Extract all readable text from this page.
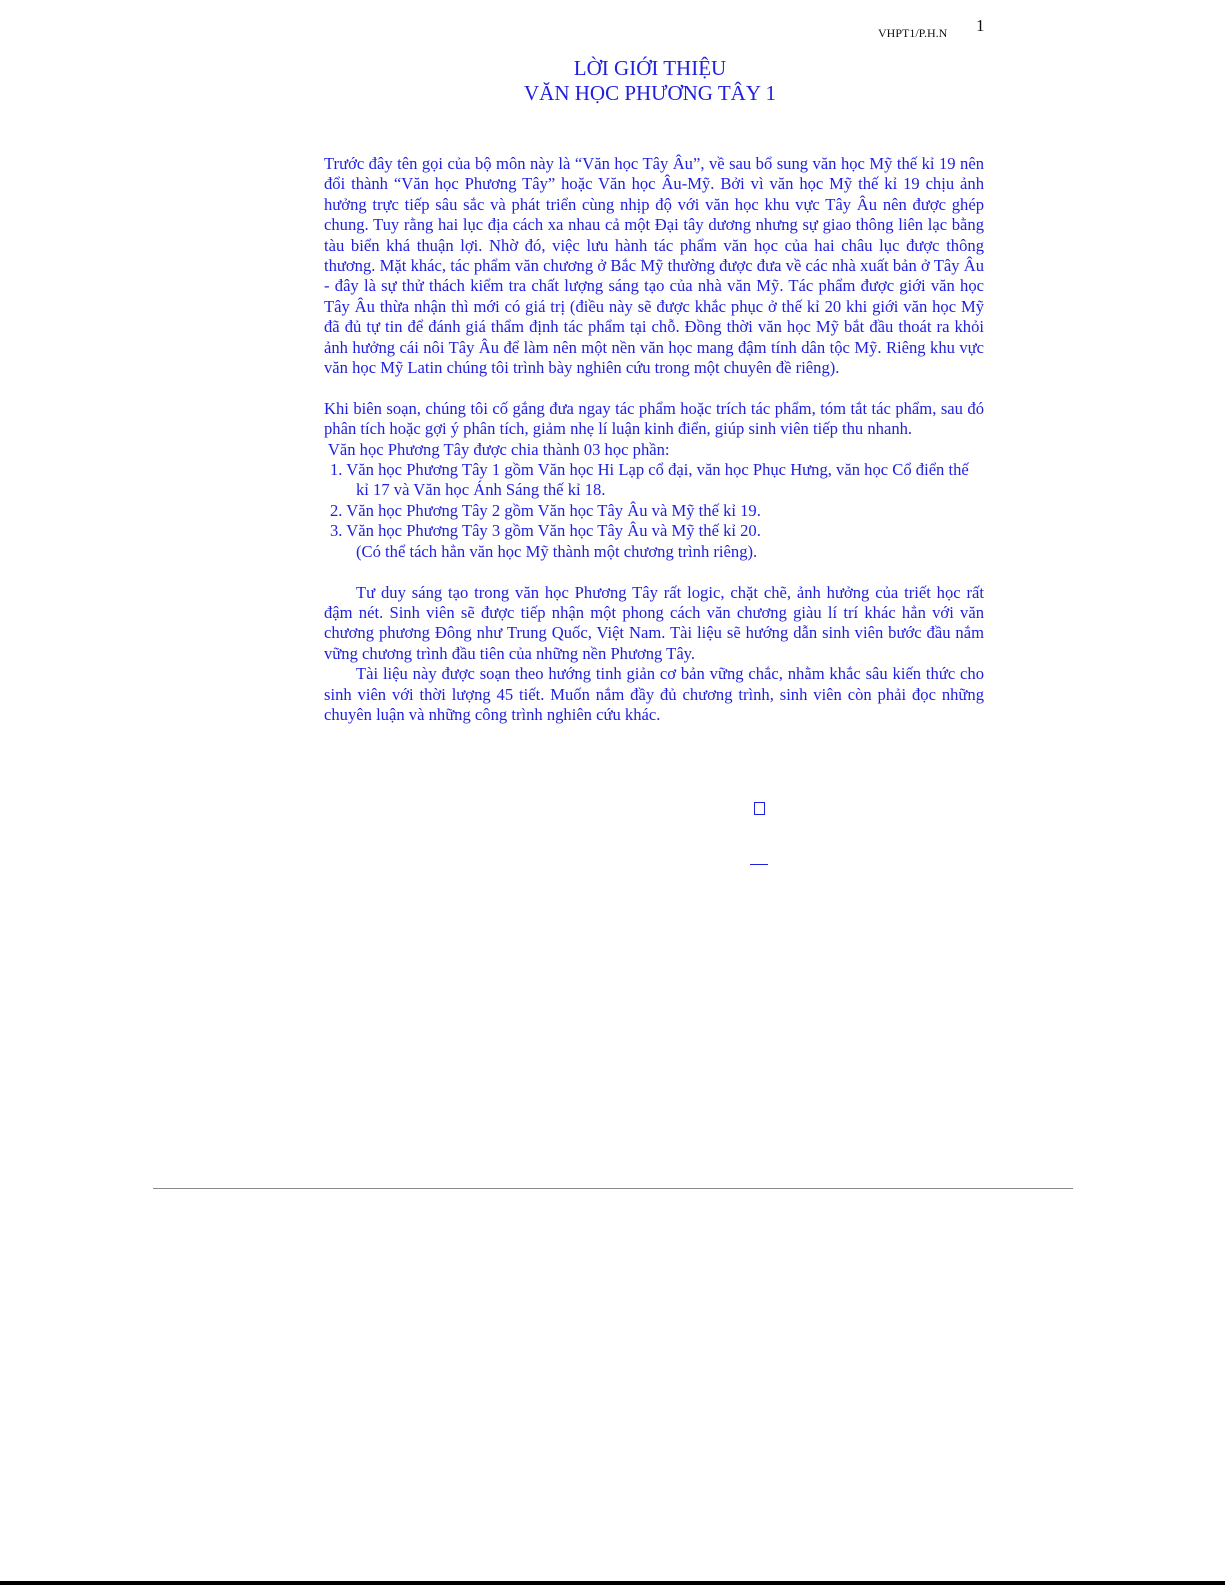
VHPT1/P.H.N 1
LỜI GIỚI THIỆU
VĂN HỌC PHƯƠNG TÂY 1

Trước đây tên gọi của bộ môn này là “Văn học Tây Âu”, về sau bổ sung văn học Mỹ thế kỉ 19 nên đổi thành “Văn học Phương Tây” hoặc Văn học Âu-Mỹ. Bởi vì văn học Mỹ thế kỉ 19 chịu ảnh hưởng trực tiếp sâu sắc và phát triển cùng nhịp độ với văn học khu vực Tây Âu nên được ghép chung. Tuy rằng hai lục địa cách xa nhau cả một Đại tây dương nhưng sự giao thông liên lạc bằng tàu biển khá thuận lợi. Nhờ đó, việc lưu hành tác phẩm văn học của hai châu lục được thông thương. Mặt khác, tác phẩm văn chương ở Bắc Mỹ thường được đưa về các nhà xuất bản ở Tây Âu - đây là sự thử thách kiểm tra chất lượng sáng tạo của nhà văn Mỹ. Tác phẩm được giới văn học Tây Âu thừa nhận thì mới có giá trị (điều này sẽ được khắc phục ở thế kỉ 20 khi giới văn học Mỹ đã đủ tự tin để đánh giá thẩm định tác phẩm tại chỗ. Đồng thời văn học Mỹ bắt đầu thoát ra khỏi ảnh hưởng cái nôi Tây Âu để làm nên một nền văn học mang đậm tính dân tộc Mỹ. Riêng khu vực văn học Mỹ Latin chúng tôi trình bày nghiên cứu trong một chuyên đề riêng).

Khi biên soạn, chúng tôi cố gắng đưa ngay tác phẩm hoặc trích tác phẩm, tóm tắt tác phẩm, sau đó phân tích hoặc gợi ý phân tích, giảm nhẹ lí luận kinh điển, giúp sinh viên tiếp thu nhanh.

Văn học Phương Tây được chia thành 03 học phần:

1. Văn học Phương Tây 1 gồm Văn học Hi Lạp cổ đại, văn học Phục Hưng, văn học Cổ điển thế kỉ 17 và Văn học Ánh Sáng thế kỉ 18.
2. Văn học Phương Tây 2 gồm Văn học Tây Âu và Mỹ thế kỉ 19.
3. Văn học Phương Tây 3 gồm Văn học Tây Âu và Mỹ thế kỉ 20.

(Có thể tách hẳn văn học Mỹ thành một chương trình riêng).

Tư duy sáng tạo trong văn học Phương Tây rất logic, chặt chẽ, ảnh hưởng của triết học rất đậm nét. Sinh viên sẽ được tiếp nhận một phong cách văn chương giàu lí trí khác hẳn với văn chương phương Đông như Trung Quốc, Việt Nam. Tài liệu sẽ hướng dẫn sinh viên bước đầu nắm vững chương trình đầu tiên của những nền Phương Tây.

Tài liệu này được soạn theo hướng tinh giản cơ bản vững chắc, nhằm khắc sâu kiến thức cho sinh viên với thời lượng 45 tiết. Muốn nắm đầy đủ chương trình, sinh viên còn phải đọc những chuyên luận và những công trình nghiên cứu khác.
